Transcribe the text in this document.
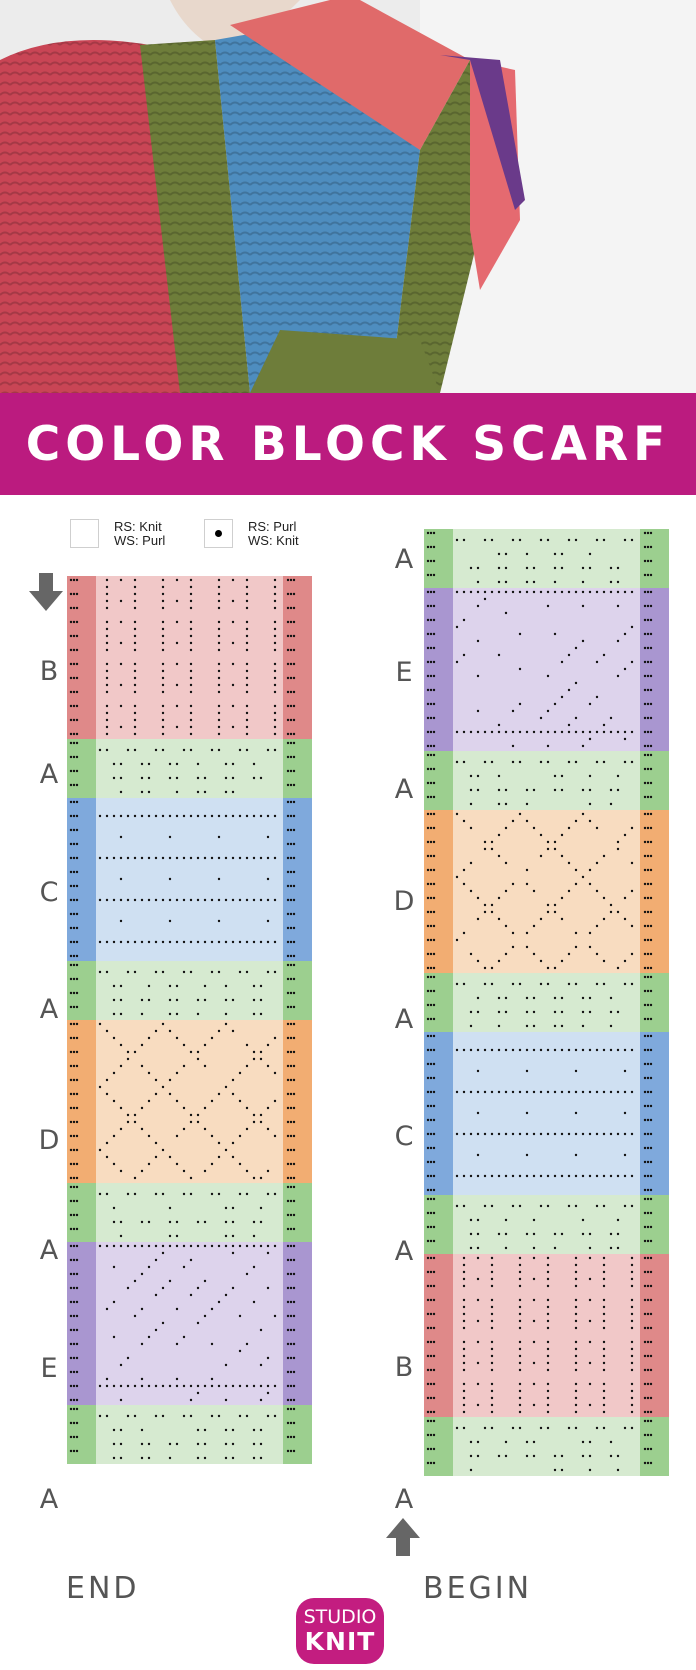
COLOR BLOCK SCARF
RS: Knit
WS: Purl
RS: Purl
WS: Knit
B
A
C
A
D
A
E
A
A
E
A
D
A
C
A
B
A
END	BEGIN
STUDIO
KNIT
